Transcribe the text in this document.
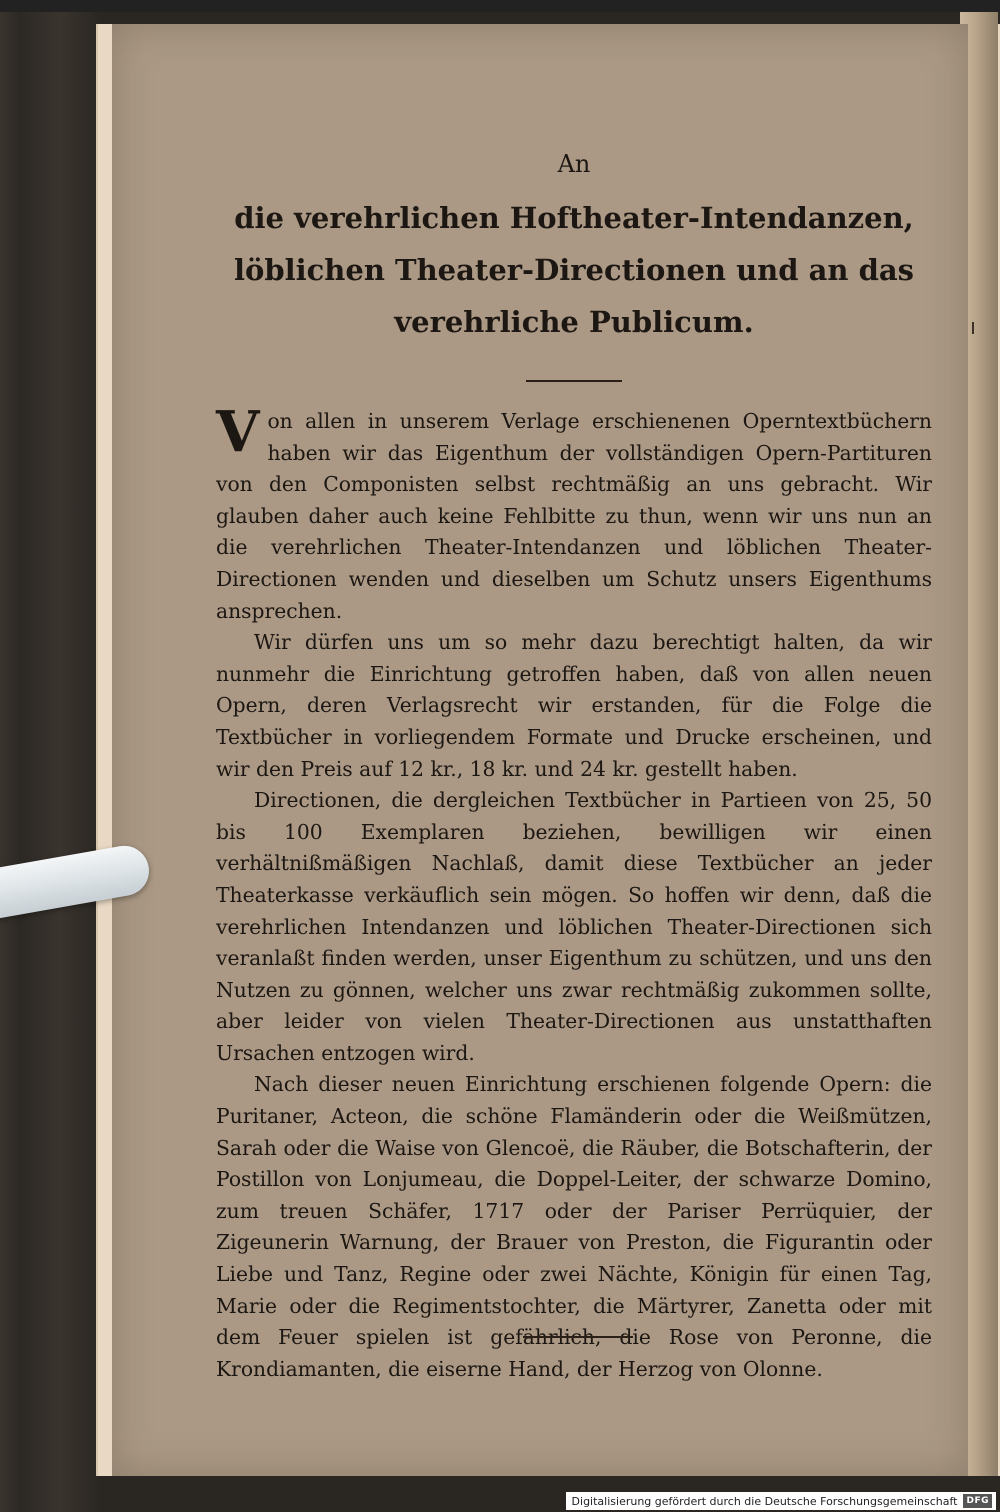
An

die verehrlichen Hoftheater-Intendanzen, löblichen Theater-Directionen und an das verehrliche Publicum.

Von allen in unserem Verlage erschienenen Operntextbüchern haben wir das Eigenthum der vollständigen Opern-Partituren von den Componisten selbst rechtmäßig an uns gebracht. Wir glauben daher auch keine Fehlbitte zu thun, wenn wir uns nun an die verehrlichen Theater-Intendanzen und löblichen Theater-Directionen wenden und dieselben um Schutz unsers Eigenthums ansprechen.

Wir dürfen uns um so mehr dazu berechtigt halten, da wir nunmehr die Einrichtung getroffen haben, daß von allen neuen Opern, deren Verlagsrecht wir erstanden, für die Folge die Textbücher in vorliegendem Formate und Drucke erscheinen, und wir den Preis auf 12 kr., 18 kr. und 24 kr. gestellt haben.

Directionen, die dergleichen Textbücher in Partieen von 25, 50 bis 100 Exemplaren beziehen, bewilligen wir einen verhältnißmäßigen Nachlaß, damit diese Textbücher an jeder Theaterkasse verkäuflich sein mögen. So hoffen wir denn, daß die verehrlichen Intendanzen und löblichen Theater-Directionen sich veranlaßt finden werden, unser Eigenthum zu schützen, und uns den Nutzen zu gönnen, welcher uns zwar rechtmäßig zukommen sollte, aber leider von vielen Theater-Directionen aus unstatthaften Ursachen entzogen wird.

Nach dieser neuen Einrichtung erschienen folgende Opern: die Puritaner, Acteon, die schöne Flamänderin oder die Weißmützen, Sarah oder die Waise von Glencoë, die Räuber, die Botschafterin, der Postillon von Lonjumeau, die Doppel-Leiter, der schwarze Domino, zum treuen Schäfer, 1717 oder der Pariser Perrüquier, der Zigeunerin Warnung, der Brauer von Preston, die Figurantin oder Liebe und Tanz, Regine oder zwei Nächte, Königin für einen Tag, Marie oder die Regimentstochter, die Märtyrer, Zanetta oder mit dem Feuer spielen ist gefährlich, die Rose von Peronne, die Krondiamanten, die eiserne Hand, der Herzog von Olonne.

Digitalisierung gefördert durch die Deutsche Forschungsgemeinschaft	DFG
